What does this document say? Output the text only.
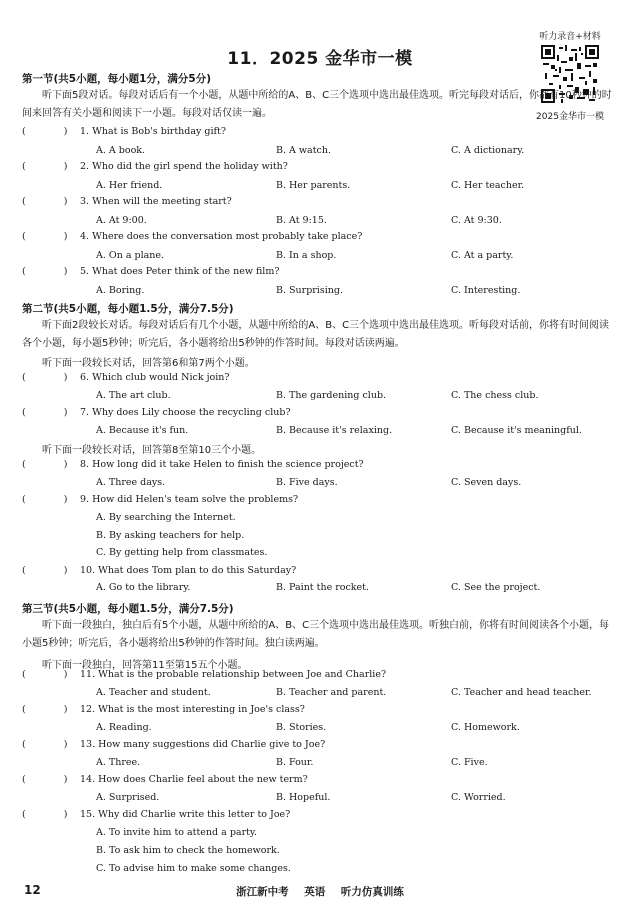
11．2025 金华市一模
听力录音+材料
2025金华市一模
第一节(共5小题，每小题1分，满分5分)
听下面5段对话。每段对话后有一个小题，从题中所给的A、B、C三个选项中选出最佳选项。听完每段对话后，你都有10秒钟的时间来回答有关小题和阅读下一小题。每段对话仅读一遍。
第二节(共5小题，每小题1.5分，满分7.5分)
听下面2段较长对话。每段对话后有几个小题，从题中所给的A、B、C三个选项中选出最佳选项。听每段对话前，你将有时间阅读各个小题，每小题5秒钟；听完后，各小题将给出5秒钟的作答时间。每段对话读两遍。
听下面一段较长对话，回答第6和第7两个小题。
听下面一段较长对话，回答第8至第10三个小题。
第三节(共5小题，每小题1.5分，满分7.5分)
听下面一段独白，独白后有5个小题，从题中所给的A、B、C三个选项中选出最佳选项。听独白前，你将有时间阅读各个小题，每小题5秒钟；听完后，各小题将给出5秒钟的作答时间。独白读两遍。
听下面一段独白，回答第11至第15五个小题。
(	) 1. What is Bob's birthday gift?
A. A book.	B. A watch.	C. A dictionary.
(	) 2. Who did the girl spend the holiday with?
A. Her friend.	B. Her parents.	C. Her teacher.
(	) 3. When will the meeting start?
A. At 9:00.	B. At 9:15.	C. At 9:30.
(	) 4. Where does the conversation most probably take place?
A. On a plane.	B. In a shop.	C. At a party.
(	) 5. What does Peter think of the new film?
A. Boring.	B. Surprising.	C. Interesting.
(	) 6. Which club would Nick join?
A. The art club.	B. The gardening club.	C. The chess club.
(	) 7. Why does Lily choose the recycling club?
A. Because it's fun.	B. Because it's relaxing.	C. Because it's meaningful.
(	) 8. How long did it take Helen to finish the science project?
A. Three days.	B. Five days.	C. Seven days.
(	) 9. How did Helen's team solve the problems?
A. By searching the Internet.
B. By asking teachers for help.
C. By getting help from classmates.
(	) 10. What does Tom plan to do this Saturday?
A. Go to the library.	B. Paint the rocket.	C. See the project.
(	) 11. What is the probable relationship between Joe and Charlie?
A. Teacher and student.	B. Teacher and parent.	C. Teacher and head teacher.
(	) 12. What is the most interesting in Joe's class?
A. Reading.	B. Stories.	C. Homework.
(	) 13. How many suggestions did Charlie give to Joe?
A. Three.	B. Four.	C. Five.
(	) 14. How does Charlie feel about the new term?
A. Surprised.	B. Hopeful.	C. Worried.
(	) 15. Why did Charlie write this letter to Joe?
A. To invite him to attend a party.
B. To ask him to check the homework.
C. To advise him to make some changes.
12	浙江新中考 英语 听力仿真训练
